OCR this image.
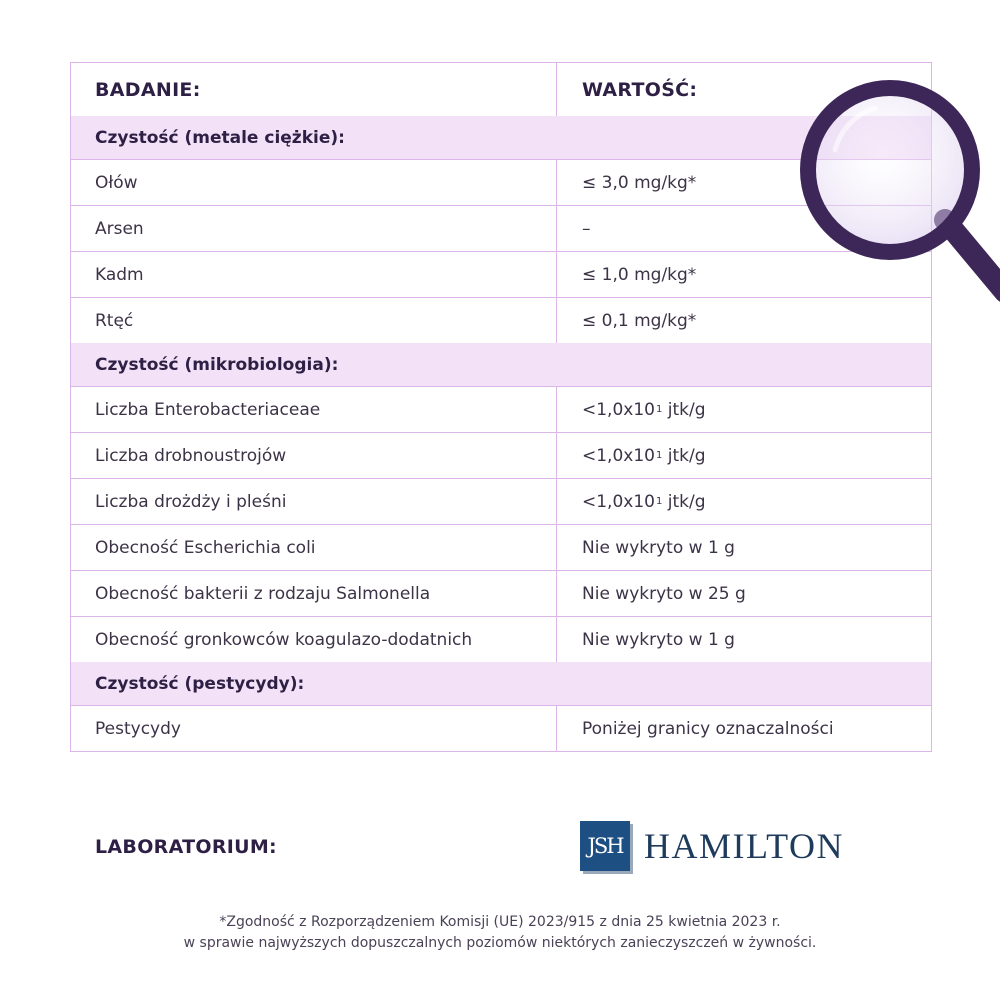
BADANIE:	WARTOŚĆ:
Czystość (metale ciężkie):
Ołów	≤ 3,0 mg/kg*
Arsen	–
Kadm	≤ 1,0 mg/kg*
Rtęć	≤ 0,1 mg/kg*
Czystość (mikrobiologia):
Liczba Enterobacteriaceae	<1,0x10 1 jtk/g
Liczba drobnoustrojów	<1,0x10 1 jtk/g
Liczba drożdży i pleśni	<1,0x10 1 jtk/g
Obecność Escherichia coli	Nie wykryto w 1 g
Obecność bakterii z rodzaju Salmonella	Nie wykryto w 25 g
Obecność gronkowców koagulazo-dodatnich	Nie wykryto w 1 g
Czystość (pestycydy):
Pestycydy	Poniżej granicy oznaczalności
LABORATORIUM:	JSH HAMILTON
*Zgodność z Rozporządzeniem Komisji (UE) 2023/915 z dnia 25 kwietnia 2023 r.
w sprawie najwyższych dopuszczalnych poziomów niektórych zanieczyszczeń w żywności.
